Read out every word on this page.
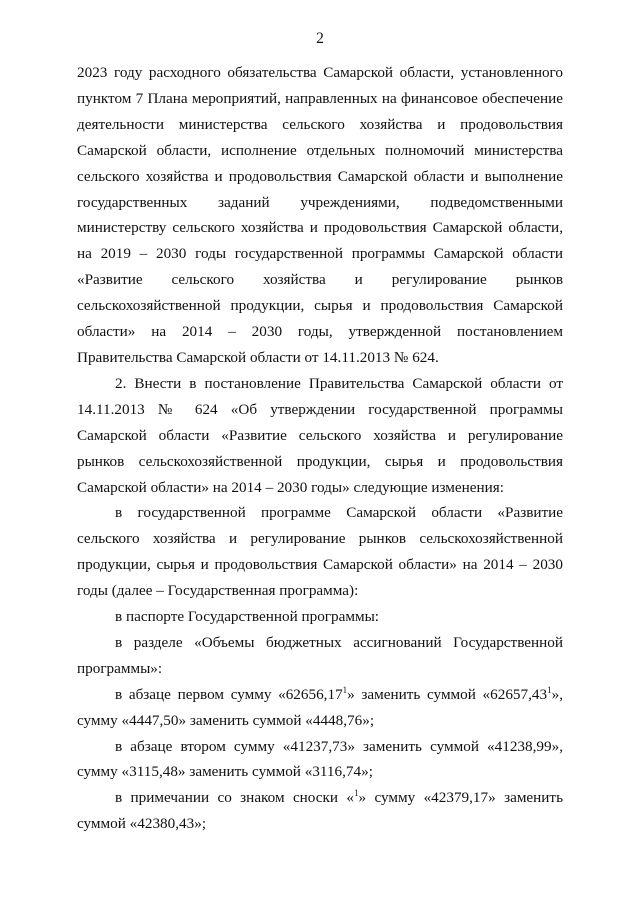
2

2023 году расходного обязательства Самарской области, установленного пунктом 7 Плана мероприятий, направленных на финансовое обеспечение деятельности министерства сельского хозяйства и продовольствия Самарской области, исполнение отдельных полномочий министерства сельского хозяйства и продовольствия Самарской области и выполнение государственных заданий учреждениями, подведомственными министерству сельского хозяйства и продовольствия Самарской области, на 2019 – 2030 годы государственной программы Самарской области «Развитие сельского хозяйства и регулирование рынков сельскохозяйственной продукции, сырья и продовольствия Самарской области» на 2014 – 2030 годы, утвержденной постановлением Правительства Самарской области от 14.11.2013 № 624.

2. Внести в постановление Правительства Самарской области от 14.11.2013 № 624 «Об утверждении государственной программы Самарской области «Развитие сельского хозяйства и регулирование рынков сельскохозяйственной продукции, сырья и продовольствия Самарской области» на 2014 – 2030 годы» следующие изменения:

в государственной программе Самарской области «Развитие сельского хозяйства и регулирование рынков сельскохозяйственной продукции, сырья и продовольствия Самарской области» на 2014 – 2030 годы (далее – Государственная программа):

в паспорте Государственной программы:

в разделе «Объемы бюджетных ассигнований Государственной программы»:

в абзаце первом сумму «62656,17$^1$» заменить суммой «62657,43$^1$», сумму «4447,50» заменить суммой «4448,76»;

в абзаце втором сумму «41237,73» заменить суммой «41238,99», сумму «3115,48» заменить суммой «3116,74»;

в примечании со знаком сноски «$^1$» сумму «42379,17» заменить суммой «42380,43»;
